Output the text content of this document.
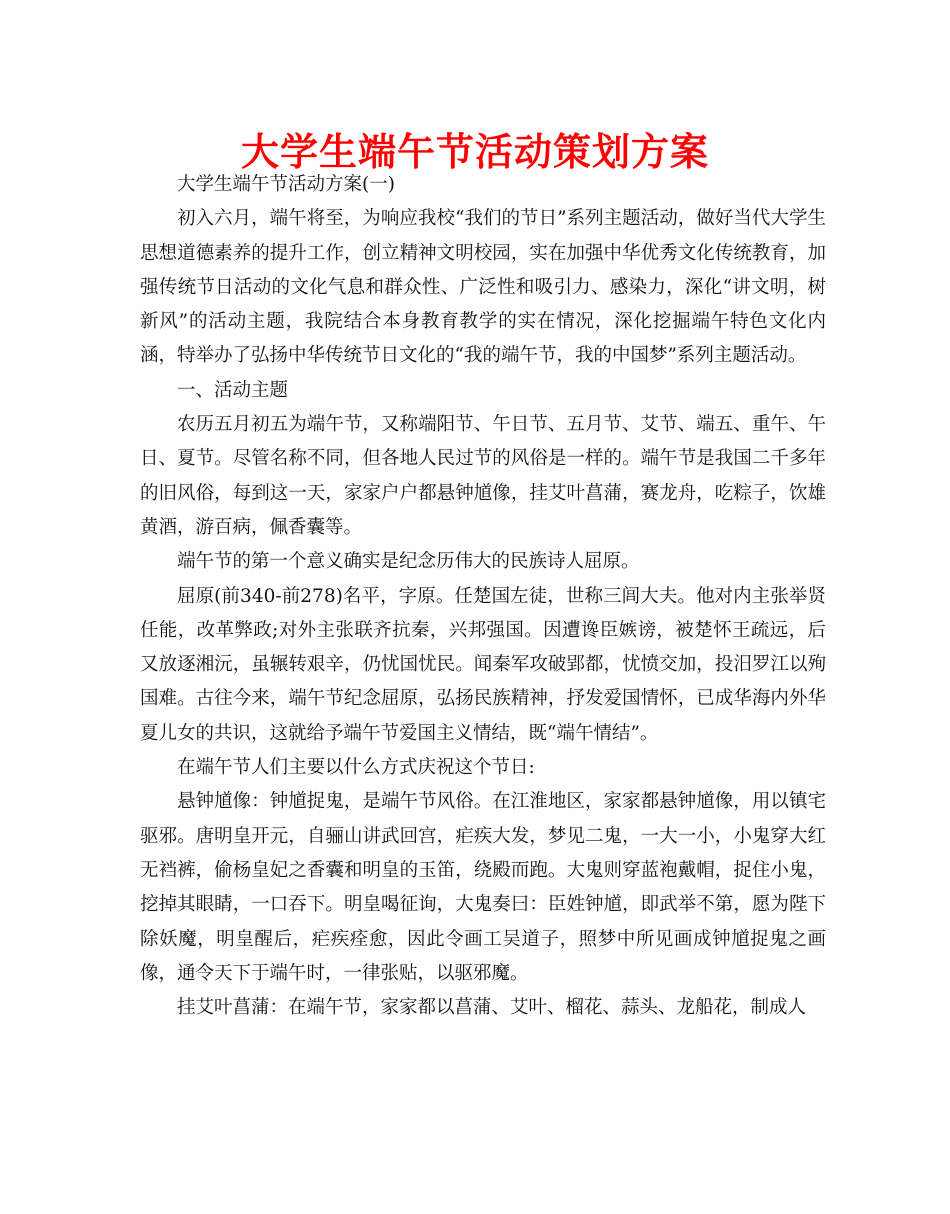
大学生端午节活动策划方案

大学生端午节活动方案(一)

初入六月，端午将至，为响应我校“我们的节日”系列主题活动，做好当代大学生思想道德素养的提升工作，创立精神文明校园，实在加强中华优秀文化传统教育，加强传统节日活动的文化气息和群众性、广泛性和吸引力、感染力，深化“讲文明，树新风”的活动主题，我院结合本身教育教学的实在情况，深化挖掘端午特色文化内涵，特举办了弘扬中华传统节日文化的“我的端午节，我的中国梦”系列主题活动。

一、活动主题

农历五月初五为端午节，又称端阳节、午日节、五月节、艾节、端五、重午、午日、夏节。尽管名称不同，但各地人民过节的风俗是一样的。端午节是我国二千多年的旧风俗，每到这一天，家家户户都悬钟馗像，挂艾叶菖蒲，赛龙舟，吃粽子，饮雄黄酒，游百病，佩香囊等。

端午节的第一个意义确实是纪念历伟大的民族诗人屈原。

屈原(前340-前278)名平，字原。任楚国左徒，世称三闾大夫。他对内主张举贤任能，改革弊政;对外主张联齐抗秦，兴邦强国。因遭谗臣嫉谤，被楚怀王疏远，后又放逐湘沅，虽辗转艰辛，仍忧国忧民。闻秦军攻破郢都，忧愤交加，投汨罗江以殉国难。古往今来，端午节纪念屈原，弘扬民族精神，抒发爱国情怀，已成华海内外华夏儿女的共识，这就给予端午节爱国主义情结，既“端午情结”。

在端午节人们主要以什么方式庆祝这个节日:

悬钟馗像：钟馗捉鬼，是端午节风俗。在江淮地区，家家都悬钟馗像，用以镇宅驱邪。唐明皇开元，自骊山讲武回宫，疟疾大发，梦见二鬼，一大一小，小鬼穿大红无裆裤，偷杨皇妃之香囊和明皇的玉笛，绕殿而跑。大鬼则穿蓝袍戴帽，捉住小鬼，挖掉其眼睛，一口吞下。明皇喝征询，大鬼奏曰：臣姓钟馗，即武举不第，愿为陛下除妖魔，明皇醒后，疟疾痊愈，因此令画工吴道子，照梦中所见画成钟馗捉鬼之画像，通令天下于端午时，一律张贴，以驱邪魔。

挂艾叶菖蒲：在端午节，家家都以菖蒲、艾叶、榴花、蒜头、龙船花，制成人
